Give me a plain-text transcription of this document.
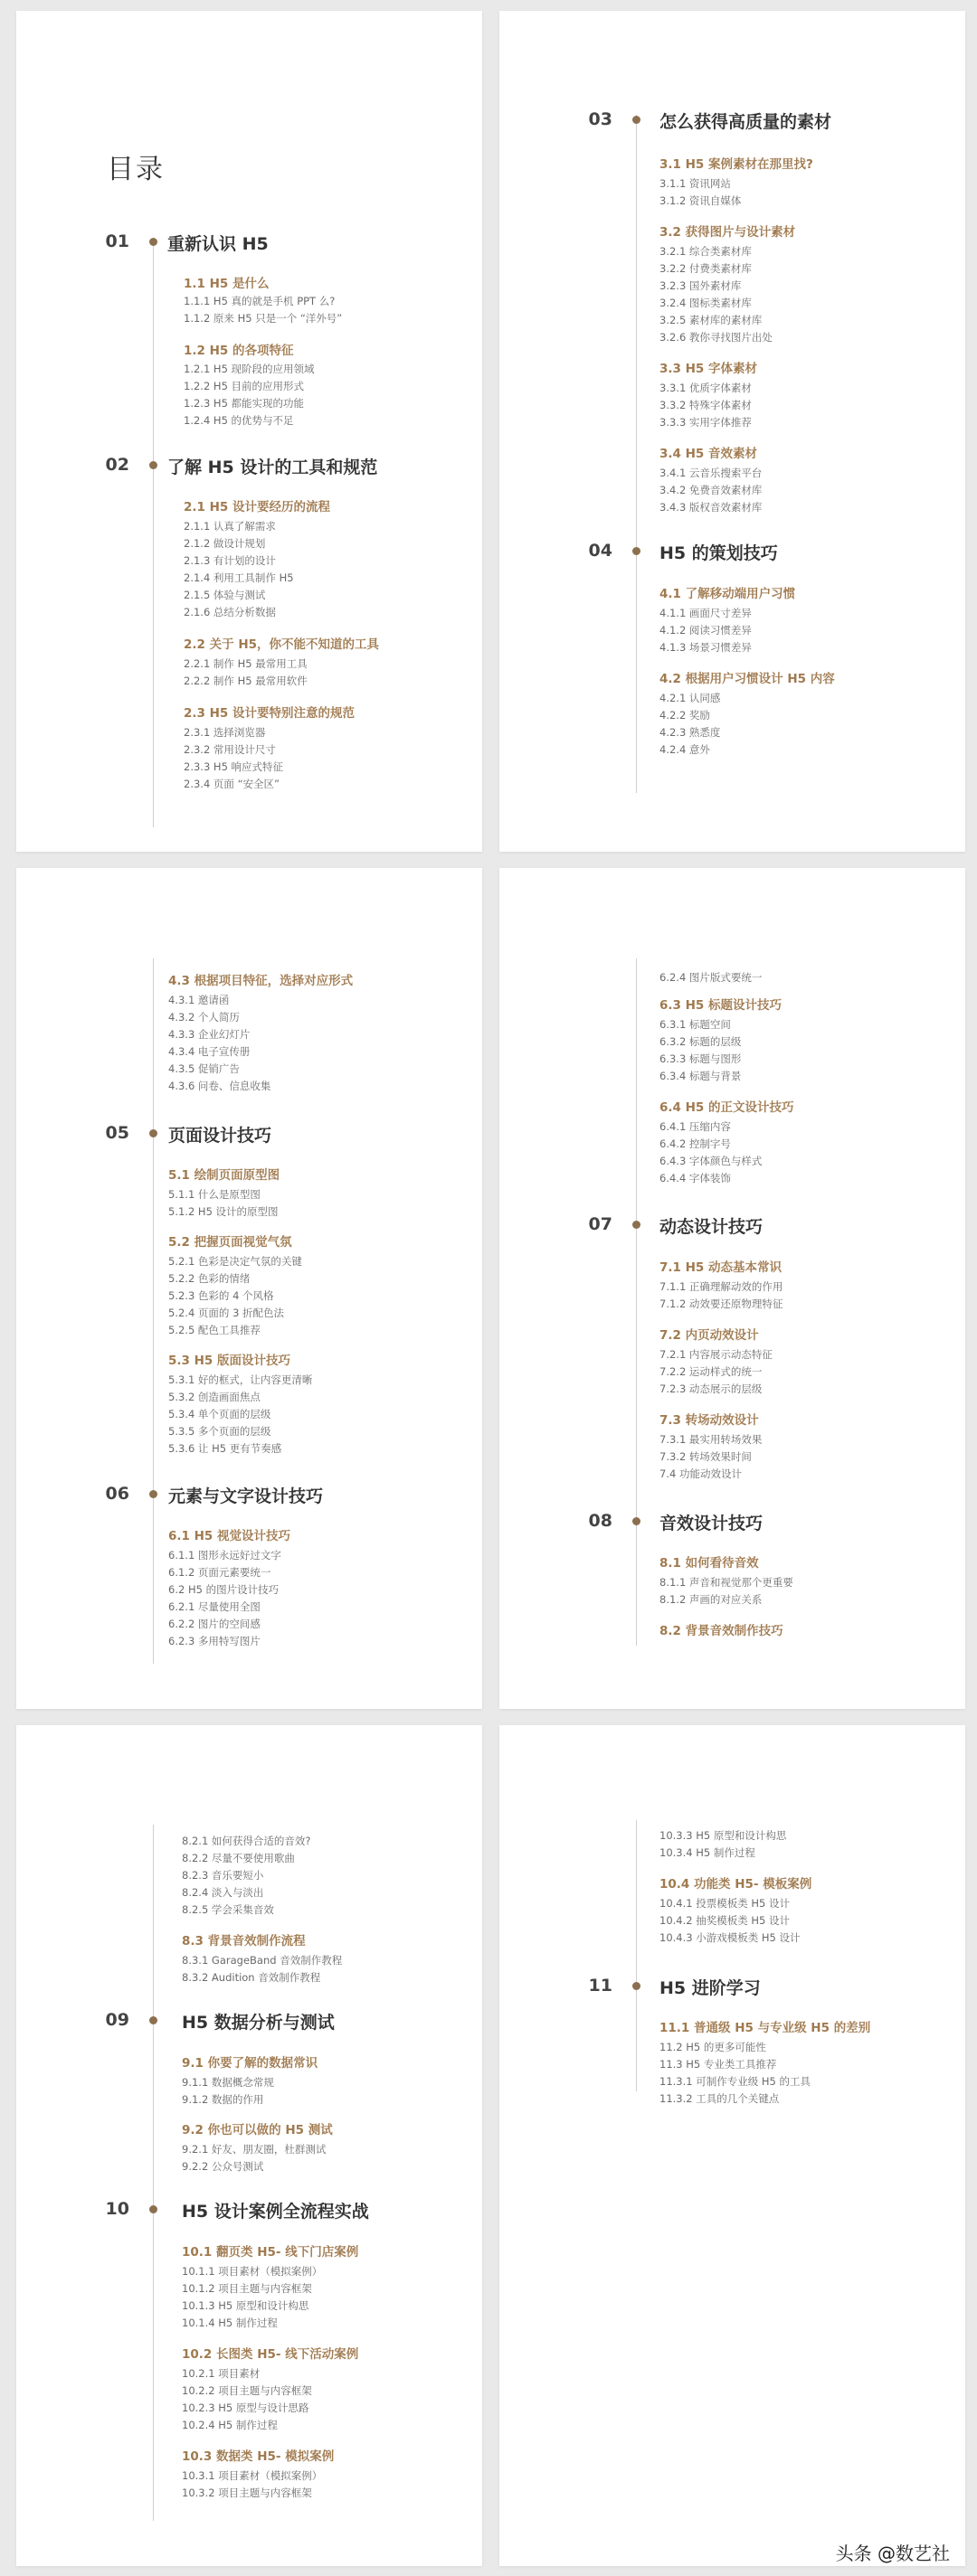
目录
01 重新认识 H5
1.1 H5 是什么
1.1.1 H5 真的就是手机 PPT 么?
1.1.2 原来 H5 只是一个 “洋外号”
1.2 H5 的各项特征
1.2.1 H5 现阶段的应用领域
1.2.2 H5 目前的应用形式
1.2.3 H5 都能实现的功能
1.2.4 H5 的优势与不足
02 了解 H5 设计的工具和规范
2.1 H5 设计要经历的流程
2.1.1 认真了解需求
2.1.2 做设计规划
2.1.3 有计划的设计
2.1.4 利用工具制作 H5
2.1.5 体验与测试
2.1.6 总结分析数据
2.2 关于 H5，你不能不知道的工具
2.2.1 制作 H5 最常用工具
2.2.2 制作 H5 最常用软件
2.3 H5 设计要特别注意的规范
2.3.1 选择浏览器
2.3.2 常用设计尺寸
2.3.3 H5 响应式特征
2.3.4 页面 “安全区”
03	怎么获得高质量的素材
3.1 H5 案例素材在那里找?
3.1.1 资讯网站
3.1.2 资讯自媒体
3.2 获得图片与设计素材
3.2.1 综合类素材库
3.2.2 付费类素材库
3.2.3 国外素材库
3.2.4 图标类素材库
3.2.5 素材库的素材库
3.2.6 教你寻找图片出处
3.3 H5 字体素材
3.3.1 优质字体素材
3.3.2 特殊字体素材
3.3.3 实用字体推荐
3.4 H5 音效素材
3.4.1 云音乐搜索平台
3.4.2 免费音效素材库
3.4.3 版权音效素材库
04	H5 的策划技巧
4.1 了解移动端用户习惯
4.1.1 画面尺寸差异
4.1.2 阅读习惯差异
4.1.3 场景习惯差异
4.2 根据用户习惯设计 H5 内容
4.2.1 认同感
4.2.2 奖励
4.2.3 熟悉度
4.2.4 意外
4.3 根据项目特征，选择对应形式
4.3.1 邀请函
4.3.2 个人简历
4.3.3 企业幻灯片
4.3.4 电子宣传册
4.3.5 促销广告
4.3.6 问卷、信息收集
05 页面设计技巧
5.1 绘制页面原型图
5.1.1 什么是原型图
5.1.2 H5 设计的原型图
5.2 把握页面视觉气氛
5.2.1 色彩是决定气氛的关键
5.2.2 色彩的情绪
5.2.3 色彩的 4 个风格
5.2.4 页面的 3 折配色法
5.2.5 配色工具推荐
5.3 H5 版面设计技巧
5.3.1 好的框式，让内容更清晰
5.3.2 创造画面焦点
5.3.4 单个页面的层级
5.3.5 多个页面的层级
5.3.6 让 H5 更有节奏感
06 元素与文字设计技巧
6.1 H5 视觉设计技巧
6.1.1 图形永远好过文字
6.1.2 页面元素要统一
6.2 H5 的图片设计技巧
6.2.1 尽量使用全图
6.2.2 图片的空间感
6.2.3 多用特写图片
6.2.4 图片版式要统一
6.3 H5 标题设计技巧
6.3.1 标题空间
6.3.2 标题的层级
6.3.3 标题与图形
6.3.4 标题与背景
6.4 H5 的正文设计技巧
6.4.1 压缩内容
6.4.2 控制字号
6.4.3 字体颜色与样式
6.4.4 字体装饰
07	动态设计技巧
7.1 H5 动态基本常识
7.1.1 正确理解动效的作用
7.1.2 动效要还原物理特征
7.2 内页动效设计
7.2.1 内容展示动态特征
7.2.2 运动样式的统一
7.2.3 动态展示的层级
7.3 转场动效设计
7.3.1 最实用转场效果
7.3.2 转场效果时间
7.4 功能动效设计
08	音效设计技巧
8.1 如何看待音效
8.1.1 声音和视觉那个更重要
8.1.2 声画的对应关系
8.2 背景音效制作技巧
8.2.1 如何获得合适的音效?
8.2.2 尽量不要使用歌曲
8.2.3 音乐要短小
8.2.4 淡入与淡出
8.2.5 学会采集音效
8.3 背景音效制作流程
8.3.1 GarageBand 音效制作教程
8.3.2 Audition 音效制作教程
09	H5 数据分析与测试
9.1 你要了解的数据常识
9.1.1 数据概念常规
9.1.2 数据的作用
9.2 你也可以做的 H5 测试
9.2.1 好友、朋友圈，杜群测试
9.2.2 公众号测试
10	H5 设计案例全流程实战
10.1 翻页类 H5- 线下门店案例
10.1.1 项目素材（模拟案例）
10.1.2 项目主题与内容框架
10.1.3 H5 原型和设计构思
10.1.4 H5 制作过程
10.2 长图类 H5- 线下活动案例
10.2.1 项目素材
10.2.2 项目主题与内容框架
10.2.3 H5 原型与设计思路
10.2.4 H5 制作过程
10.3 数据类 H5- 模拟案例
10.3.1 项目素材（模拟案例）
10.3.2 项目主题与内容框架
10.3.3 H5 原型和设计构思
10.3.4 H5 制作过程
10.4 功能类 H5- 模板案例
10.4.1 投票模板类 H5 设计
10.4.2 抽奖模板类 H5 设计
10.4.3 小游戏模板类 H5 设计
11	H5 进阶学习
11.1 普通级 H5 与专业级 H5 的差别
11.2 H5 的更多可能性
11.3 H5 专业类工具推荐
11.3.1 可制作专业级 H5 的工具
11.3.2 工具的几个关键点
头条 @数艺社
